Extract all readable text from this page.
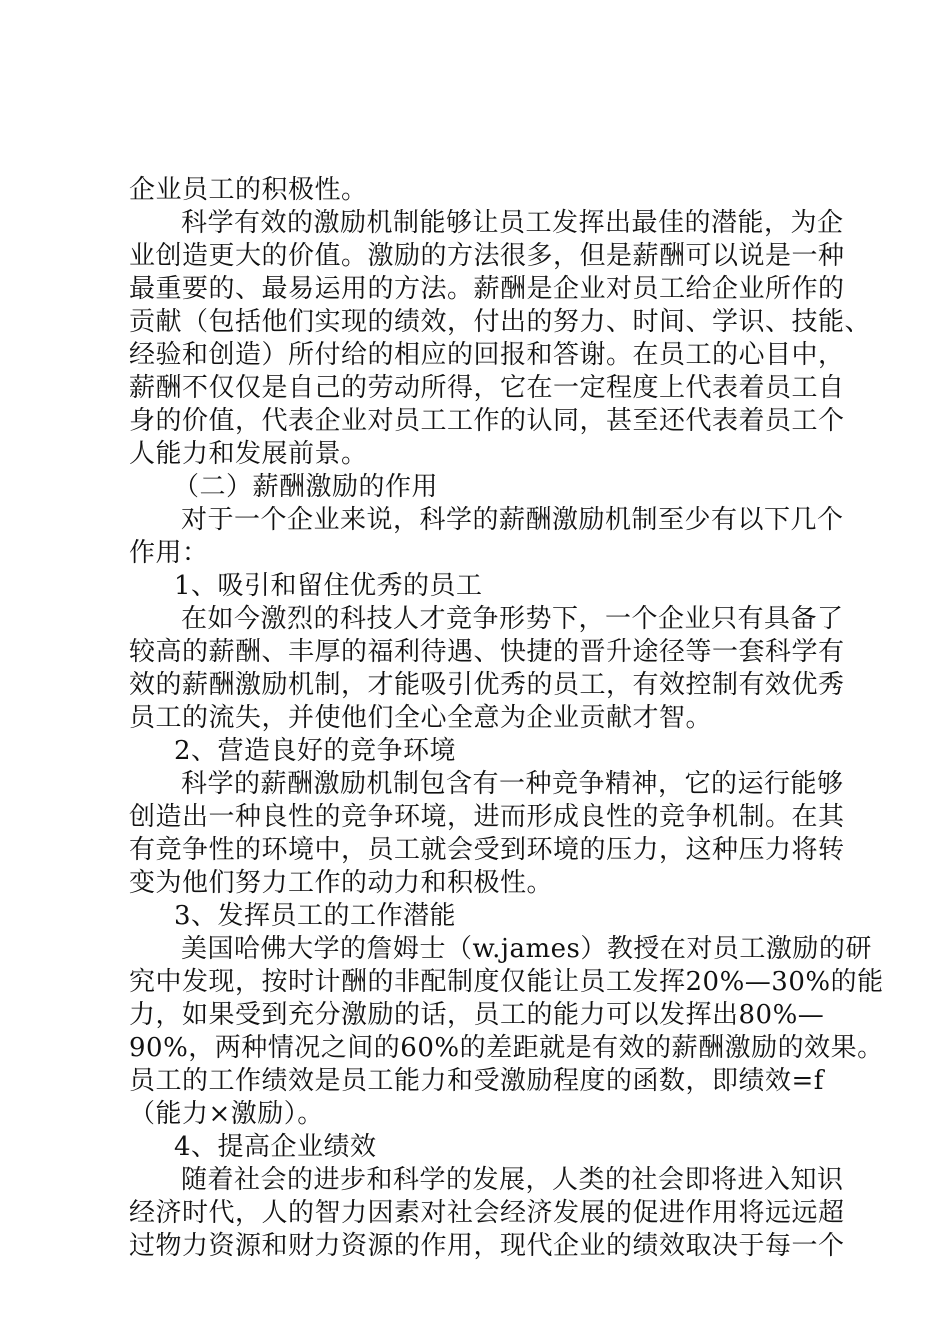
企业员工的积极性。
科学有效的激励机制能够让员工发挥出最佳的潜能，为企
业创造更大的价值。激励的方法很多，但是薪酬可以说是一种
最重要的、最易运用的方法。薪酬是企业对员工给企业所作的
贡献（包括他们实现的绩效，付出的努力、时间、学识、技能、
经验和创造）所付给的相应的回报和答谢。在员工的心目中，
薪酬不仅仅是自己的劳动所得，它在一定程度上代表着员工自
身的价值，代表企业对员工工作的认同，甚至还代表着员工个
人能力和发展前景。
（二）薪酬激励的作用
对于一个企业来说，科学的薪酬激励机制至少有以下几个
作用：
1、吸引和留住优秀的员工
在如今激烈的科技人才竞争形势下，一个企业只有具备了
较高的薪酬、丰厚的福利待遇、快捷的晋升途径等一套科学有
效的薪酬激励机制，才能吸引优秀的员工，有效控制有效优秀
员工的流失，并使他们全心全意为企业贡献才智。
2、营造良好的竞争环境
科学的薪酬激励机制包含有一种竞争精神，它的运行能够
创造出一种良性的竞争环境，进而形成良性的竞争机制。在其
有竞争性的环境中，员工就会受到环境的压力，这种压力将转
变为他们努力工作的动力和积极性。
3、发挥员工的工作潜能
美国哈佛大学的詹姆士（w.james）教授在对员工激励的研
究中发现，按时计酬的非配制度仅能让员工发挥20%—30%的能
力，如果受到充分激励的话，员工的能力可以发挥出80%—
90%，两种情况之间的60%的差距就是有效的薪酬激励的效果。
员工的工作绩效是员工能力和受激励程度的函数，即绩效=f
（能力×激励）。
4、提高企业绩效
随着社会的进步和科学的发展，人类的社会即将进入知识
经济时代，人的智力因素对社会经济发展的促进作用将远远超
过物力资源和财力资源的作用，现代企业的绩效取决于每一个
